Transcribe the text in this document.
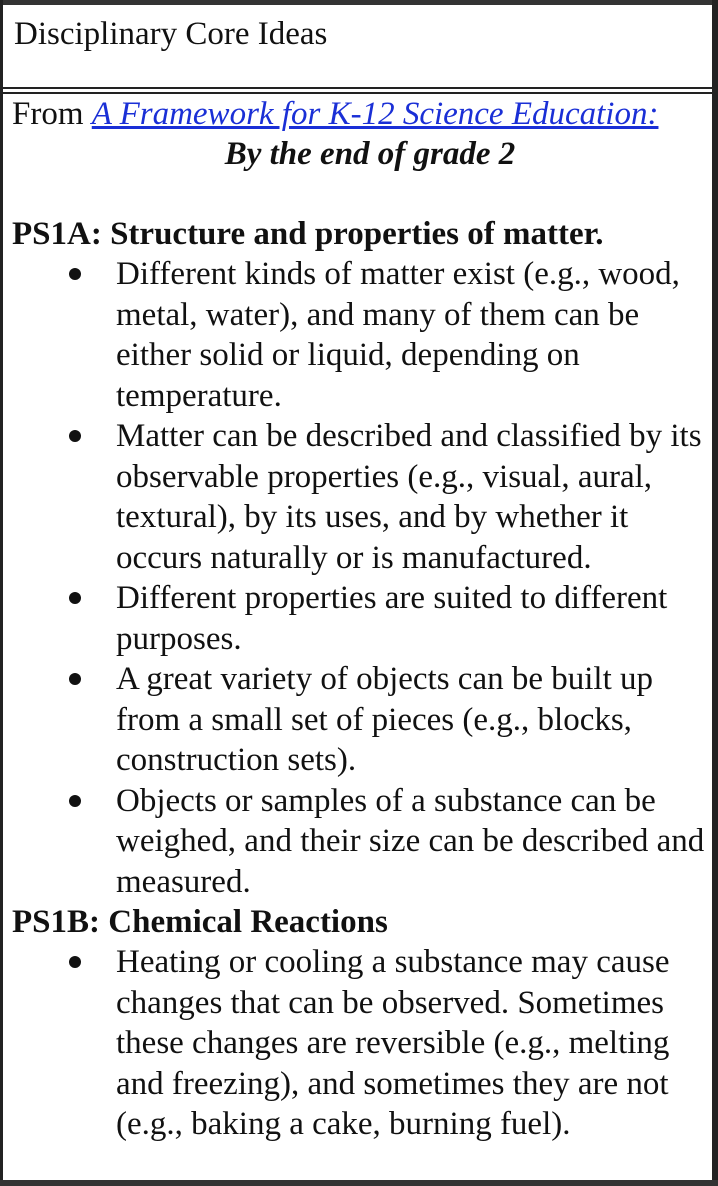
Disciplinary Core Ideas
From A Framework for K-12 Science Education:
By the end of grade 2
PS1A: Structure and properties of matter.
Different kinds of matter exist (e.g., wood, metal, water), and many of them can be either solid or liquid, depending on temperature.
Matter can be described and classified by its observable properties (e.g., visual, aural, textural), by its uses, and by whether it occurs naturally or is manufactured.
Different properties are suited to different purposes.
A great variety of objects can be built up from a small set of pieces (e.g., blocks, construction sets).
Objects or samples of a substance can be weighed, and their size can be described and measured.
PS1B: Chemical Reactions
Heating or cooling a substance may cause changes that can be observed. Sometimes these changes are reversible (e.g., melting and freezing), and sometimes they are not (e.g., baking a cake, burning fuel).
